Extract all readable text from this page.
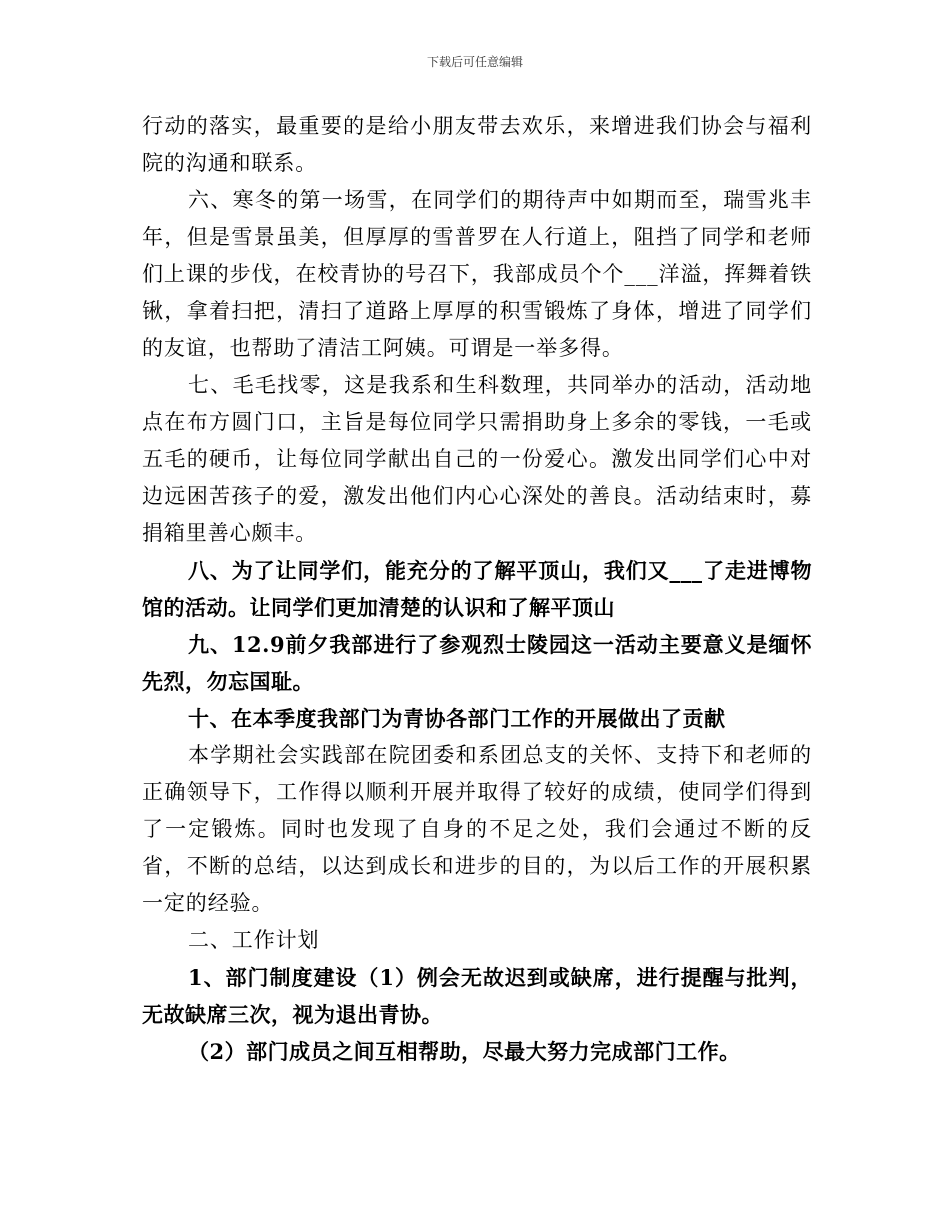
下载后可任意编辑

行动的落实，最重要的是给小朋友带去欢乐，来增进我们协会与福利院的沟通和联系。

六、寒冬的第一场雪，在同学们的期待声中如期而至，瑞雪兆丰年，但是雪景虽美，但厚厚的雪普罗在人行道上，阻挡了同学和老师们上课的步伐，在校青协的号召下，我部成员个个___洋溢，挥舞着铁锹，拿着扫把，清扫了道路上厚厚的积雪锻炼了身体，增进了同学们的友谊，也帮助了清洁工阿姨。可谓是一举多得。

七、毛毛找零，这是我系和生科数理，共同举办的活动，活动地点在布方圆门口，主旨是每位同学只需捐助身上多余的零钱，一毛或五毛的硬币，让每位同学献出自己的一份爱心。激发出同学们心中对边远困苦孩子的爱，激发出他们内心心深处的善良。活动结束时，募捐箱里善心颇丰。

八、为了让同学们，能充分的了解平顶山，我们又___了走进博物馆的活动。让同学们更加清楚的认识和了解平顶山

九、12.9前夕我部进行了参观烈士陵园这一活动主要意义是缅怀先烈，勿忘国耻。

十、在本季度我部门为青协各部门工作的开展做出了贡献

本学期社会实践部在院团委和系团总支的关怀、支持下和老师的正确领导下，工作得以顺利开展并取得了较好的成绩，使同学们得到了一定锻炼。同时也发现了自身的不足之处，我们会通过不断的反省，不断的总结，以达到成长和进步的目的，为以后工作的开展积累一定的经验。

二、工作计划

1、部门制度建设（1）例会无故迟到或缺席，进行提醒与批判，无故缺席三次，视为退出青协。

（2）部门成员之间互相帮助，尽最大努力完成部门工作。
